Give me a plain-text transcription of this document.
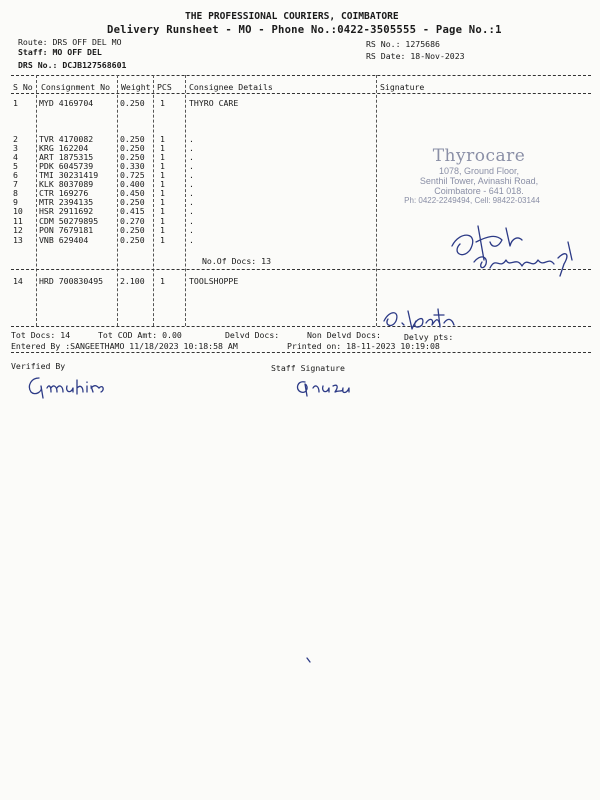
THE PROFESSIONAL COURIERS, COIMBATORE
Delivery Runsheet - MO - Phone No.:0422-3505555 - Page No.:1
Route: DRS OFF DEL MO
Staff: MO OFF DEL
DRS No.: DCJB127568601
RS No.: 1275686
RS Date: 18-Nov-2023
S No Consignment No Weight PCS Consignee Details	Signature
1	MYD 4169704	0.250 1	THYRO CARE
2	TVR 4170082	0.250 1	.
3	KRG 162204	0.250 1	.
4	ART 1875315	0.250 1	.
5	PDK 6045739	0.330 1	.
6	TMI 30231419	0.725 1	.
7	KLK 8037089	0.400 1	.
8	CTR 169276	0.450 1	.
9	MTR 2394135	0.250 1	.
10 HSR 2911692	0.415 1	.
11 CDM 50279895	0.270 1	.
12 PON 7679181	0.250 1	.
13 VNB 629404	0.250 1	.
14 HRD 700830495 2.100 1	TOOLSHOPPE
No.Of Docs: 13
Thyrocare
1078, Ground Floor,
Senthil Tower, Avinashi Road,
Coimbatore - 641 018.
Ph: 0422-2249494, Cell: 98422-03144
Tot Docs: 14	Tot COD Amt: 0.00	Delvd Docs:	Non Delvd Docs:	Delvy pts:
Entered By :SANGEETHAMO 11/18/2023 10:18:58 AM	Printed on: 18-11-2023 10:19:08
Verified By	Staff Signature
